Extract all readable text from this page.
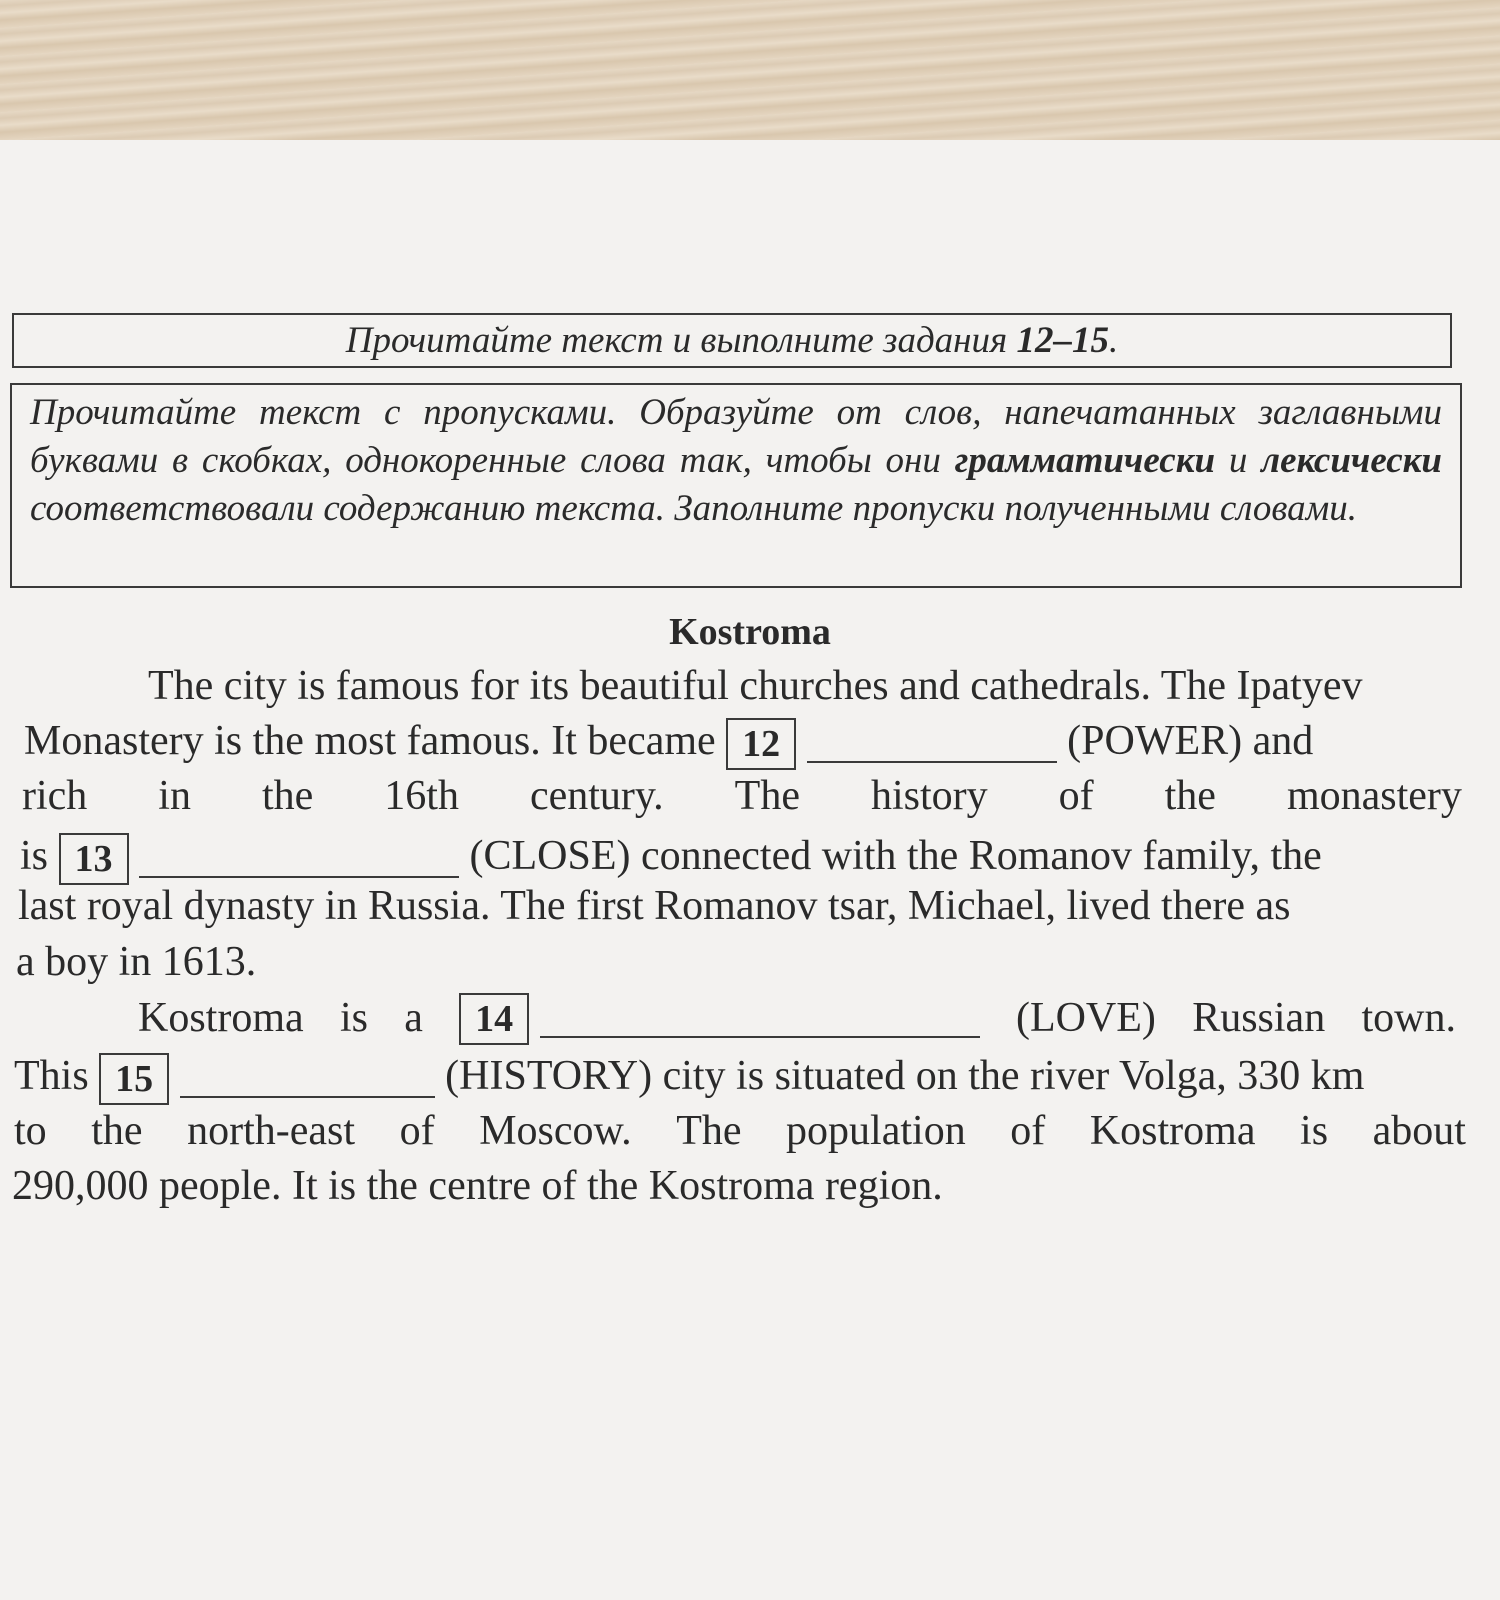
Прочитайте текст и выполните задания 12–15.
Прочитайте текст с пропусками. Образуйте от слов, напечатанных заглавными буквами в скобках, однокоренные слова так, чтобы они грамматически и лексически соответствовали содержанию текста. Заполните пропуски полученными словами.
Kostroma
The city is famous for its beautiful churches and cathedrals. The Ipatyev
Monastery is the most famous. It became 12	(POWER) and
rich in the 16th century. The history of the monastery
is 13	(CLOSE) connected with the Romanov family, the
last royal dynasty in Russia. The first Romanov tsar, Michael, lived there as
a boy in 1613.
Kostroma is a	14	(LOVE) Russian town.
This 15	(HISTORY) city is situated on the river Volga, 330 km
to the north-east of Moscow. The population of Kostroma is about
290,000 people. It is the centre of the Kostroma region.
